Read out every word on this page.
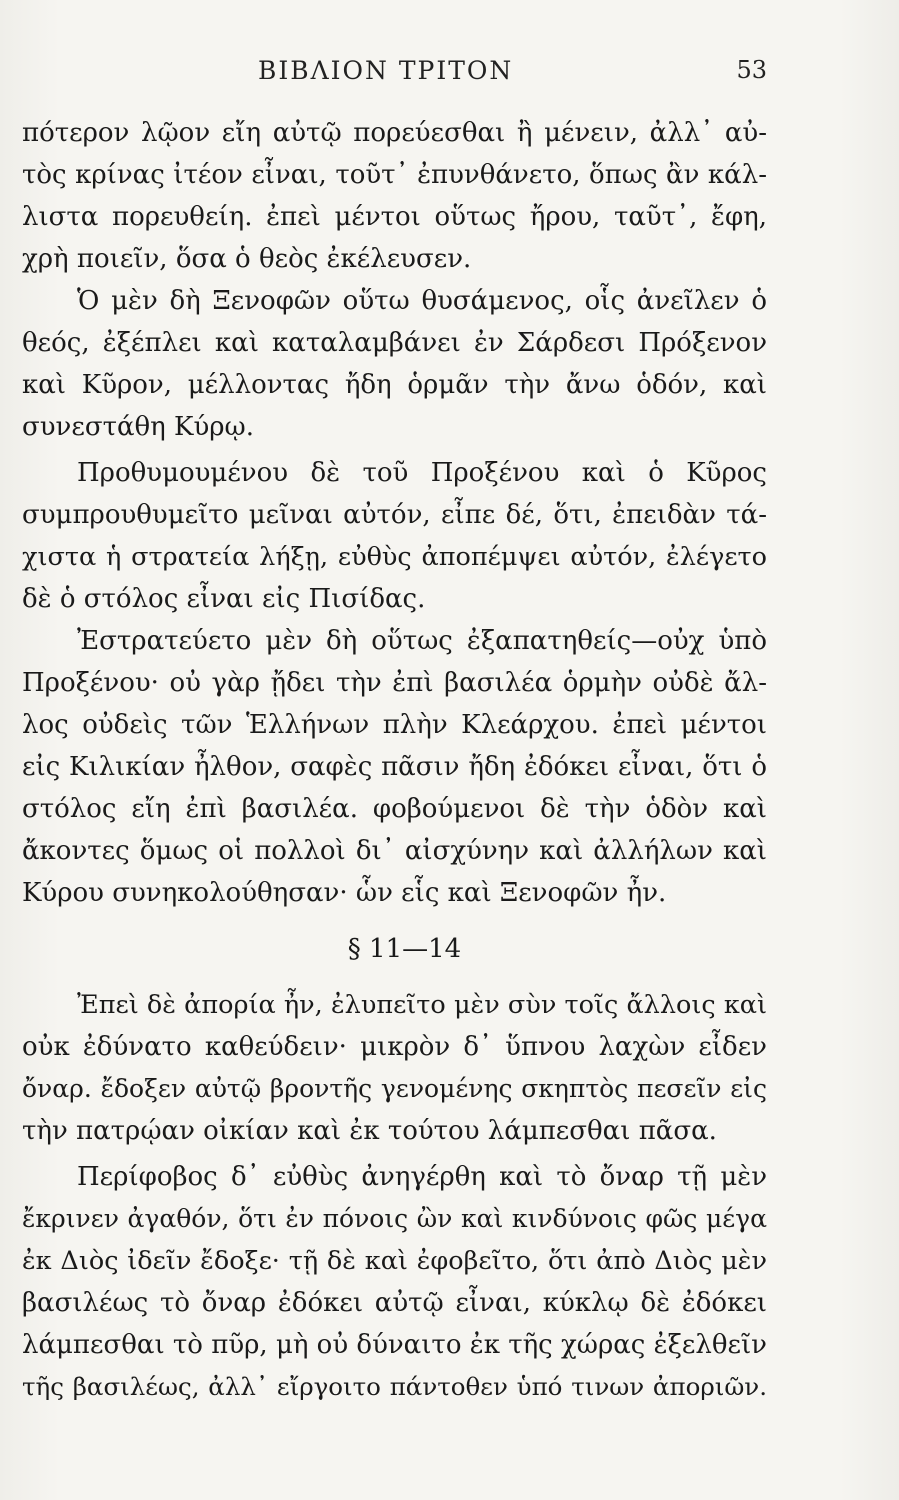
ΒΙΒΛΙΟΝ ΤΡΙΤΟΝ	53
πότερον λῷον εἴη αὐτῷ πορεύεσθαι ἢ μένειν, ἀλλ᾽ αὐ-
τὸς κρίνας ἰτέον εἶναι, τοῦτ᾽ ἐπυνθάνετο, ὅπως ἂν κάλ-
λιστα πορευθείη. ἐπεὶ μέντοι οὕτως ἤρου, ταῦτ᾽, ἔφη,
χρὴ ποιεῖν, ὅσα ὁ θεὸς ἐκέλευσεν.
Ὁ μὲν δὴ Ξενοφῶν οὕτω θυσάμενος, οἷς ἀνεῖλεν ὁ
θεός, ἐξέπλει καὶ καταλαμβάνει ἐν Σάρδεσι Πρόξενον
καὶ Κῦρον, μέλλοντας ἤδη ὁρμᾶν τὴν ἄνω ὁδόν, καὶ
συνεστάθη Κύρῳ.
Προθυμουμένου δὲ τοῦ Προξένου καὶ ὁ Κῦρος
συμπρουθυμεῖτο μεῖναι αὐτόν, εἶπε δέ, ὅτι, ἐπειδὰν τά-
χιστα ἡ στρατεία λήξῃ, εὐθὺς ἀποπέμψει αὐτόν, ἐλέγετο
δὲ ὁ στόλος εἶναι εἰς Πισίδας.
Ἐστρατεύετο μὲν δὴ οὕτως ἐξαπατηθείς—οὐχ ὑπὸ
Προξένου· οὐ γὰρ ᾔδει τὴν ἐπὶ βασιλέα ὁρμὴν οὐδὲ ἄλ-
λος οὐδεὶς τῶν Ἑλλήνων πλὴν Κλεάρχου. ἐπεὶ μέντοι
εἰς Κιλικίαν ἦλθον, σαφὲς πᾶσιν ἤδη ἐδόκει εἶναι, ὅτι ὁ
στόλος εἴη ἐπὶ βασιλέα. φοβούμενοι δὲ τὴν ὁδὸν καὶ
ἄκοντες ὅμως οἱ πολλοὶ δι᾽ αἰσχύνην καὶ ἀλλήλων καὶ
Κύρου συνηκολούθησαν· ὧν εἷς καὶ Ξενοφῶν ἦν.
§ 11—14
Ἐπεὶ δὲ ἀπορία ἦν, ἐλυπεῖτο μὲν σὺν τοῖς ἄλλοις καὶ
οὐκ ἐδύνατο καθεύδειν· μικρὸν δ᾽ ὕπνου λαχὼν εἶδεν
ὄναρ. ἔδοξεν αὐτῷ βροντῆς γενομένης σκηπτὸς πεσεῖν εἰς
τὴν πατρῴαν οἰκίαν καὶ ἐκ τούτου λάμπεσθαι πᾶσα.
Περίφοβος δ᾽ εὐθὺς ἀνηγέρθη καὶ τὸ ὄναρ τῇ μὲν
ἔκρινεν ἀγαθόν, ὅτι ἐν πόνοις ὢν καὶ κινδύνοις φῶς μέγα
ἐκ Διὸς ἰδεῖν ἔδοξε· τῇ δὲ καὶ ἐφοβεῖτο, ὅτι ἀπὸ Διὸς μὲν
βασιλέως τὸ ὄναρ ἐδόκει αὐτῷ εἶναι, κύκλῳ δὲ ἐδόκει
λάμπεσθαι τὸ πῦρ, μὴ οὐ δύναιτο ἐκ τῆς χώρας ἐξελθεῖν
τῆς βασιλέως, ἀλλ᾽ εἴργοιτο πάντοθεν ὑπό τινων ἀποριῶν.
